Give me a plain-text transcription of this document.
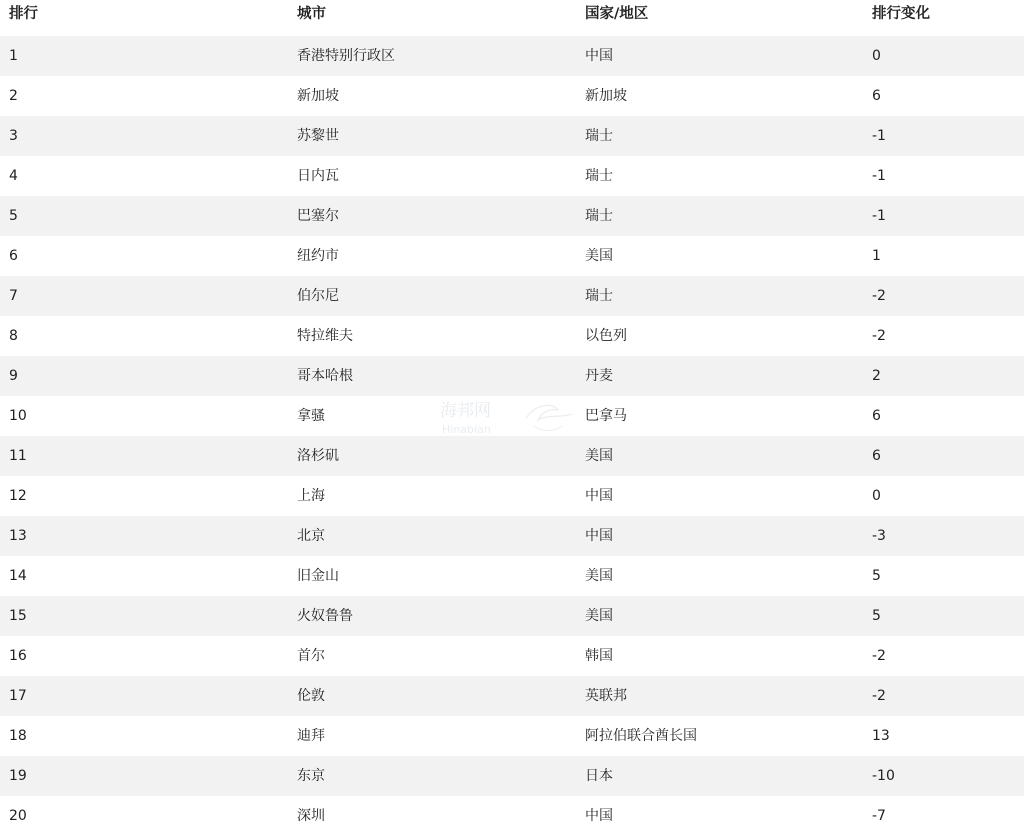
排行	城市	国家/地区	排行变化
1	香港特别行政区	中国	0
2	新加坡	新加坡	6
3	苏黎世	瑞士	-1
4	日内瓦	瑞士	-1
5	巴塞尔	瑞士	-1
6	纽约市	美国	1
7	伯尔尼	瑞士	-2
8	特拉维夫	以色列	-2
9	哥本哈根	丹麦	2
10	拿骚	巴拿马	6
11	洛杉矶	美国	6
12	上海	中国	0
13	北京	中国	-3
14	旧金山	美国	5
15	火奴鲁鲁	美国	5
16	首尔	韩国	-2
17	伦敦	英联邦	-2
18	迪拜	阿拉伯联合酋长国	13
19	东京	日本	-10
20	深圳	中国	-7
海邦网
Hinabian
